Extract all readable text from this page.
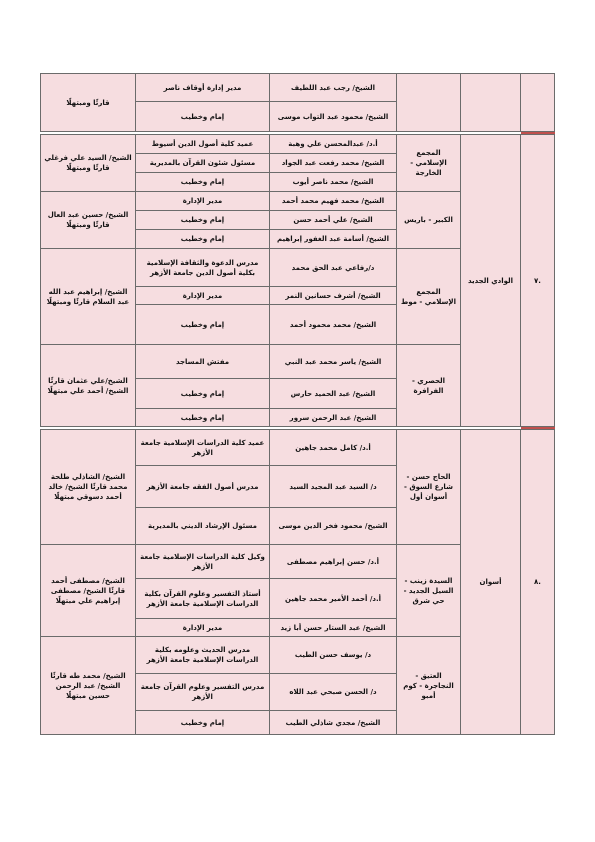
			الشيخ/ رجب عبد اللطيف	مدير إدارة أوقاف ناصر	قارئًا ومبتهلًا
			الشيخ/ محمود عبد التواب موسى	إمام وخطيب	

.٧	الوادي الجديد	المجمع الإسلامي - الخارجة	أ.د/ عبدالمحسن علي وهبة	عميد كلية أصول الدين أسيوط	الشيخ/ السيد علي فرغلي قارئًا ومبتهلًا
			الشيخ/ محمد رفعت عبد الجواد	مسئول شئون القرآن بالمديرية	
			الشيخ/ محمد ناصر أيوب	إمام وخطيب	
		الكبير - باريس	الشيخ/ محمد فهيم محمد أحمد	مدير الإدارة	الشيخ/ حسين عبد العال قارئًا ومبتهلًا
			الشيخ/ علي أحمد حسن	إمام وخطيب	
			الشيخ/ أسامة عبد الغفور إبراهيم	إمام وخطيب	
		المجمع الإسلامي - موط	د/رفاعي عبد الحق محمد	مدرس الدعوة والثقافة الإسلامية بكلية أصول الدين جامعة الأزهر	الشيخ/ إبراهيم عبد الله عبد السلام قارئًا ومبتهلًا
			الشيخ/ أشرف حسانين النمر	مدير الإدارة	
			الشيخ/ محمد محمود أحمد	إمام وخطيب	
		الحصري - الفرافرة	الشيخ/ ياسر محمد عبد النبي	مفتش المساجد	الشيخ/علي عثمان قارئًا الشيخ/ أحمد علي مبتهلًا
			الشيخ/ عبد الحميد حارس	إمام وخطيب	
			الشيخ/ عبد الرحمن سرور	إمام وخطيب	

.٨	أسوان	الحاج حسن - شارع السوق - أسوان أول	أ.د/ كامل محمد جاهين	عميد كلية الدراسات الإسلامية جامعة الأزهر	الشيخ/ الشاذلي طلحة محمد قارئًا الشيخ/ خالد أحمد دسوقي مبتهلًا
			د/ السيد عبد المجيد السيد	مدرس أصول الفقه جامعة الأزهر	
			الشيخ/ محمود فخر الدين موسى	مسئول الإرشاد الديني بالمديرية	
		السيدة زينب - السيل الجديد - حي شرق	أ.د/ حسن إبراهيم مصطفى	وكيل كلية الدراسات الإسلامية جامعة الأزهر	الشيخ/ مصطفى أحمد قارئًا الشيخ/ مصطفى إبراهيم علي مبتهلًا
			أ.د/ أحمد الأمير محمد جاهين	أستاذ التفسير وعلوم القرآن بكلية الدراسات الإسلامية جامعة الأزهر	
			الشيخ/ عبد الستار حسن أبا زيد	مدير الإدارة	
		العتيق - النجاجرة - كوم أمبو	د/ يوسف حسن الطيب	مدرس الحديث وعلومه بكلية الدراسات الإسلامية جامعة الأزهر	الشيخ/ محمد طه قارئًا الشيخ/ عبد الرحمن حسين مبتهلًا
			د/ الحسن صبحي عبد اللاه	مدرس التفسير وعلوم القرآن جامعة الأزهر	
			الشيخ/ مجدي شاذلي الطيب	إمام وخطيب	
